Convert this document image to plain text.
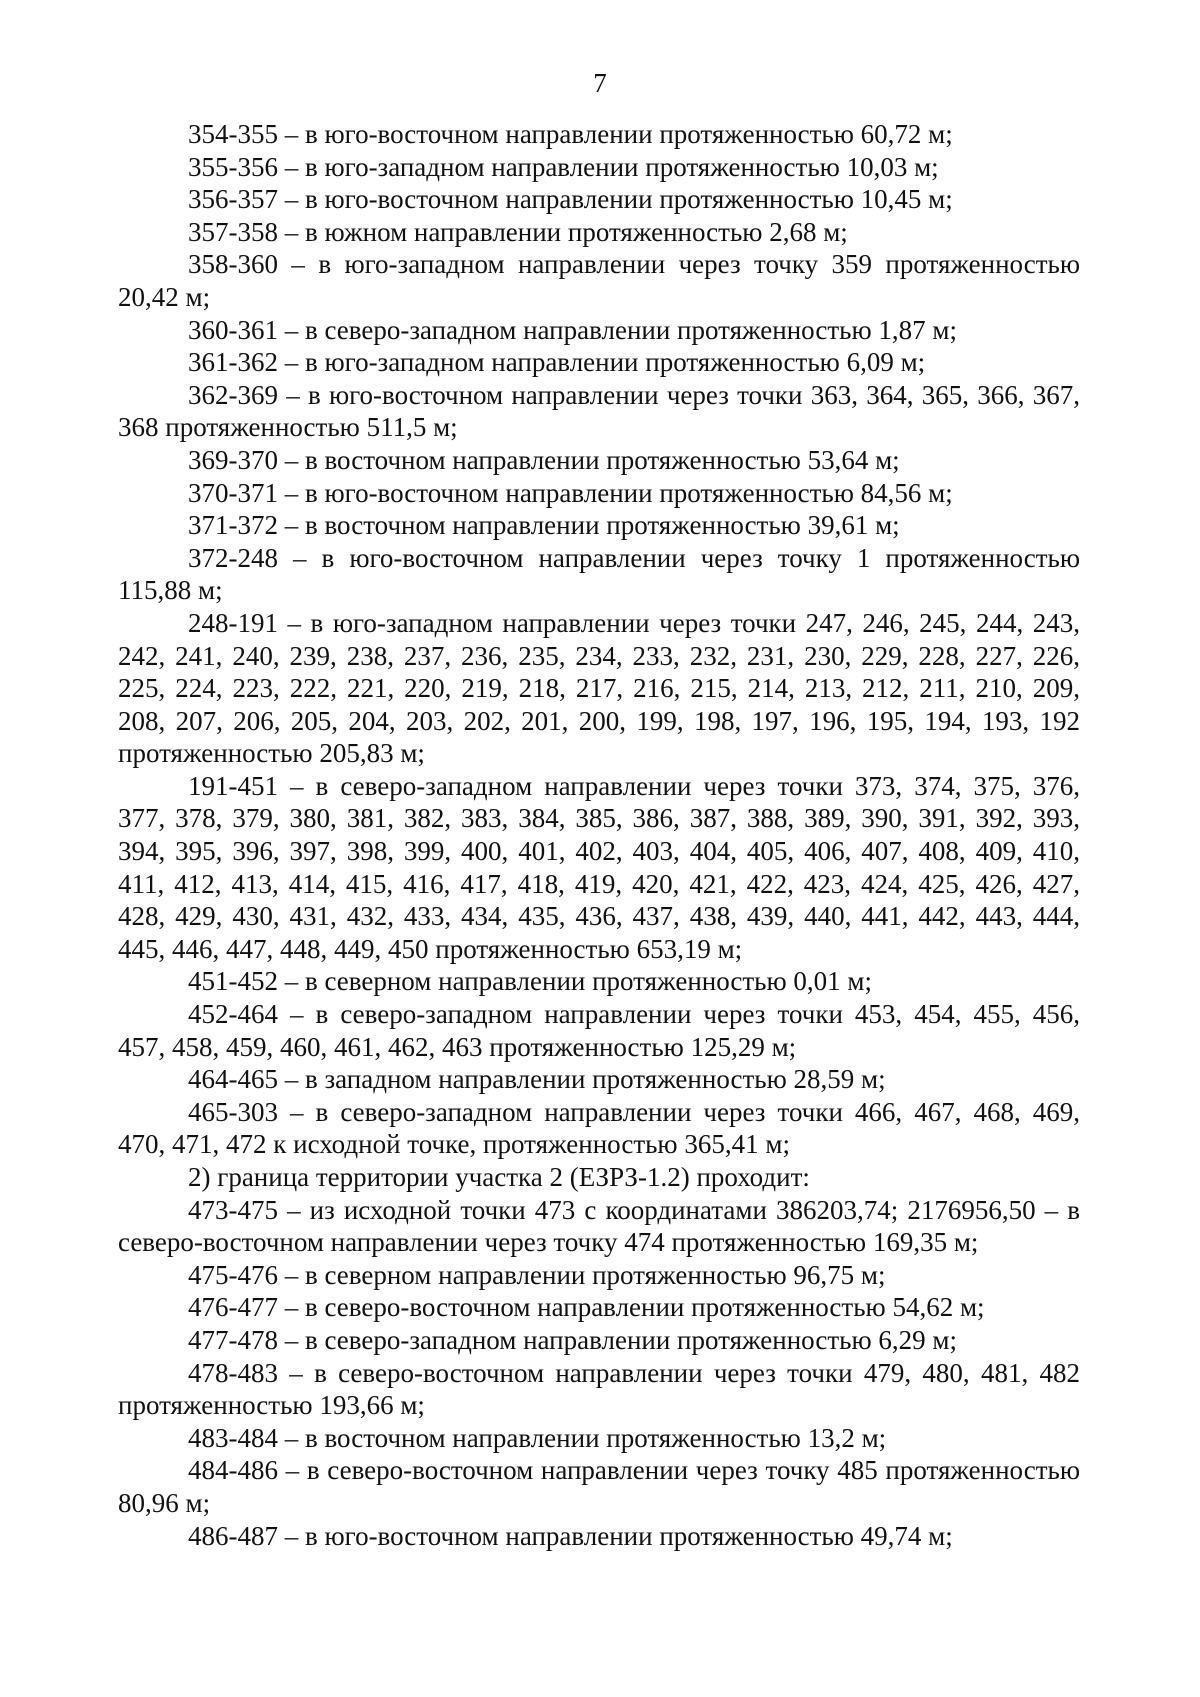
7

354-355 – в юго-восточном направлении протяженностью 60,72 м;

355-356 – в юго-западном направлении протяженностью 10,03 м;

356-357 – в юго-восточном направлении протяженностью 10,45 м;

357-358 – в южном направлении протяженностью 2,68 м;

358-360 – в юго-западном направлении через точку 359 протяженностью 20,42 м;

360-361 – в северо-западном направлении протяженностью 1,87 м;

361-362 – в юго-западном направлении протяженностью 6,09 м;

362-369 – в юго-восточном направлении через точки 363, 364, 365, 366, 367, 368 протяженностью 511,5 м;

369-370 – в восточном направлении протяженностью 53,64 м;

370-371 – в юго-восточном направлении протяженностью 84,56 м;

371-372 – в восточном направлении протяженностью 39,61 м;

372-248 – в юго-восточном направлении через точку 1 протяженностью 115,88 м;

248-191 – в юго-западном направлении через точки 247, 246, 245, 244, 243, 242, 241, 240, 239, 238, 237, 236, 235, 234, 233, 232, 231, 230, 229, 228, 227, 226, 225, 224, 223, 222, 221, 220, 219, 218, 217, 216, 215, 214, 213, 212, 211, 210, 209, 208, 207, 206, 205, 204, 203, 202, 201, 200, 199, 198, 197, 196, 195, 194, 193, 192 протяженностью 205,83 м;

191-451 – в северо-западном направлении через точки 373, 374, 375, 376, 377, 378, 379, 380, 381, 382, 383, 384, 385, 386, 387, 388, 389, 390, 391, 392, 393, 394, 395, 396, 397, 398, 399, 400, 401, 402, 403, 404, 405, 406, 407, 408, 409, 410, 411, 412, 413, 414, 415, 416, 417, 418, 419, 420, 421, 422, 423, 424, 425, 426, 427, 428, 429, 430, 431, 432, 433, 434, 435, 436, 437, 438, 439, 440, 441, 442, 443, 444, 445, 446, 447, 448, 449, 450 протяженностью 653,19 м;

451-452 – в северном направлении протяженностью 0,01 м;

452-464 – в северо-западном направлении через точки 453, 454, 455, 456, 457, 458, 459, 460, 461, 462, 463 протяженностью 125,29 м;

464-465 – в западном направлении протяженностью 28,59 м;

465-303 – в северо-западном направлении через точки 466, 467, 468, 469, 470, 471, 472 к исходной точке, протяженностью 365,41 м;

2) граница территории участка 2 (ЕЗРЗ-1.2) проходит:

473-475 – из исходной точки 473 с координатами 386203,74; 2176956,50 – в северо-восточном направлении через точку 474 протяженностью 169,35 м;

475-476 – в северном направлении протяженностью 96,75 м;

476-477 – в северо-восточном направлении протяженностью 54,62 м;

477-478 – в северо-западном направлении протяженностью 6,29 м;

478-483 – в северо-восточном направлении через точки 479, 480, 481, 482 протяженностью 193,66 м;

483-484 – в восточном направлении протяженностью 13,2 м;

484-486 – в северо-восточном направлении через точку 485 протяженностью 80,96 м;

486-487 – в юго-восточном направлении протяженностью 49,74 м;
